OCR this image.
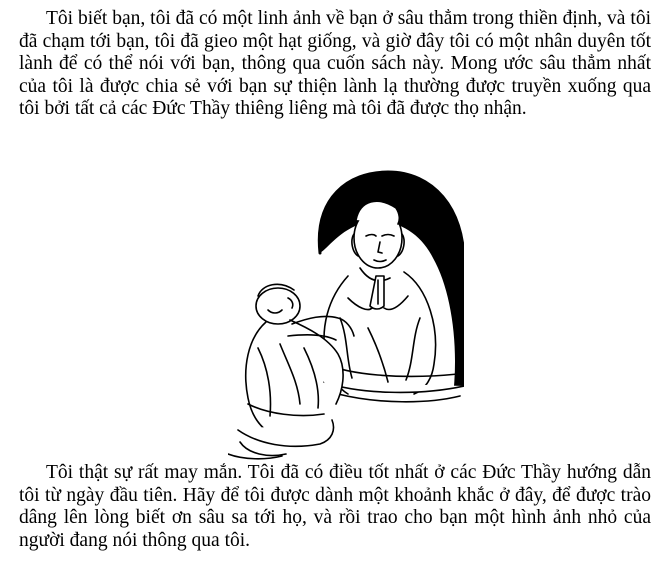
Tôi biết bạn, tôi đã có một linh ảnh về bạn ở sâu thẳm trong thiền định, và tôi đã chạm tới bạn, tôi đã gieo một hạt giống, và giờ đây tôi có một nhân duyên tốt lành để có thể nói với bạn, thông qua cuốn sách này. Mong ước sâu thẳm nhất của tôi là được chia sẻ với bạn sự thiện lành lạ thường được truyền xuống qua tôi bởi tất cả các Đức Thầy thiêng liêng mà tôi đã được thọ nhận.

Tôi thật sự rất may mắn. Tôi đã có điều tốt nhất ở các Đức Thầy hướng dẫn tôi từ ngày đầu tiên. Hãy để tôi được dành một khoảnh khắc ở đây, để được trào dâng lên lòng biết ơn sâu sa tới họ, và rồi trao cho bạn một hình ảnh nhỏ của người đang nói thông qua tôi.
